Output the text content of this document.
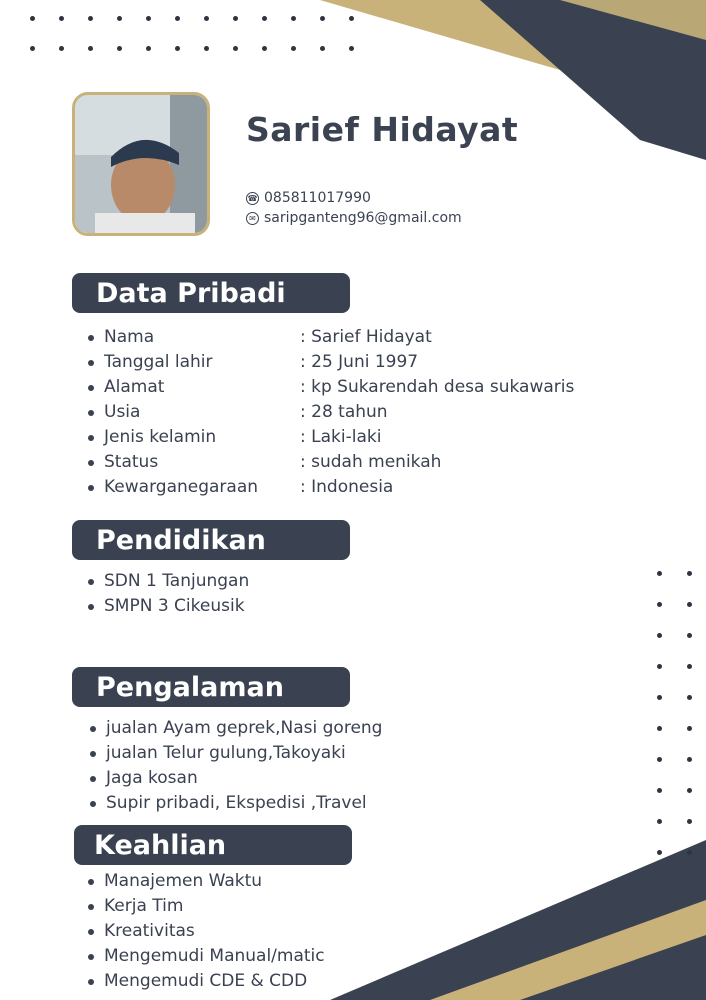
Sarief Hidayat
☎ 085811017990
✉ saripganteng96@gmail.com
Data Pribadi
Nama	: Sarief Hidayat
Tanggal lahir	: 25 Juni 1997
Alamat	: kp Sukarendah desa sukawaris
Usia	: 28 tahun
Jenis kelamin	: Laki-laki
Status	: sudah menikah
Kewarganegaraan : Indonesia
Pendidikan
SDN 1 Tanjungan
SMPN 3 Cikeusik
Pengalaman
jualan Ayam geprek,Nasi goreng
jualan Telur gulung,Takoyaki
Jaga kosan
Supir pribadi, Ekspedisi ,Travel
Keahlian
Manajemen Waktu
Kerja Tim
Kreativitas
Mengemudi Manual/matic
Mengemudi CDE & CDD
